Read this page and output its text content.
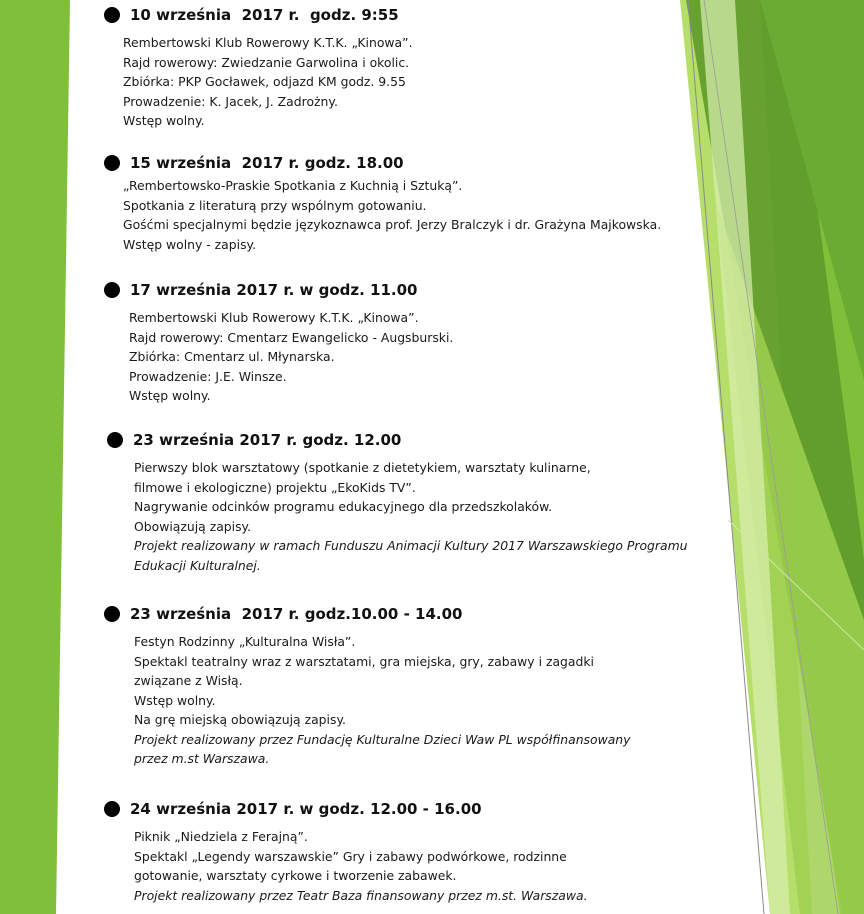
10 września  2017 r.  godz. 9:55
Rembertowski Klub Rowerowy K.T.K. „Kinowa”.
Rajd rowerowy: Zwiedzanie Garwolina i okolic.
Zbiórka: PKP Gocławek, odjazd KM godz. 9.55
Prowadzenie: K. Jacek, J. Zadrożny.
Wstęp wolny.
15 września  2017 r. godz. 18.00
„Rembertowsko-Praskie Spotkania z Kuchnią i Sztuką”.
Spotkania z literaturą przy wspólnym gotowaniu.
Gośćmi specjalnymi będzie językoznawca prof. Jerzy Bralczyk i dr. Grażyna Majkowska.
Wstęp wolny - zapisy.
17 września 2017 r. w godz. 11.00
Rembertowski Klub Rowerowy K.T.K. „Kinowa”.
Rajd rowerowy: Cmentarz Ewangelicko - Augsburski.
Zbiórka: Cmentarz ul. Młynarska.
Prowadzenie: J.E. Winsze.
Wstęp wolny.
23 września 2017 r. godz. 12.00
Pierwszy blok warsztatowy (spotkanie z dietetykiem, warsztaty kulinarne,
filmowe i ekologiczne) projektu „EkoKids TV”.
Nagrywanie odcinków programu edukacyjnego dla przedszkolaków.
Obowiązują zapisy.
Projekt realizowany w ramach Funduszu Animacji Kultury 2017 Warszawskiego Programu
Edukacji Kulturalnej.
23 września  2017 r. godz.10.00 - 14.00
Festyn Rodzinny „Kulturalna Wisła”.
Spektakl teatralny wraz z warsztatami, gra miejska, gry, zabawy i zagadki
związane z Wisłą.
Wstęp wolny.
Na grę miejską obowiązują zapisy.
Projekt realizowany przez Fundację Kulturalne Dzieci Waw PL współfinansowany
przez m.st Warszawa.
24 września 2017 r. w godz. 12.00 - 16.00
Piknik „Niedziela z Ferajną”.
Spektakl „Legendy warszawskie” Gry i zabawy podwórkowe, rodzinne
gotowanie, warsztaty cyrkowe i tworzenie zabawek.
Projekt realizowany przez Teatr Baza finansowany przez m.st. Warszawa.
